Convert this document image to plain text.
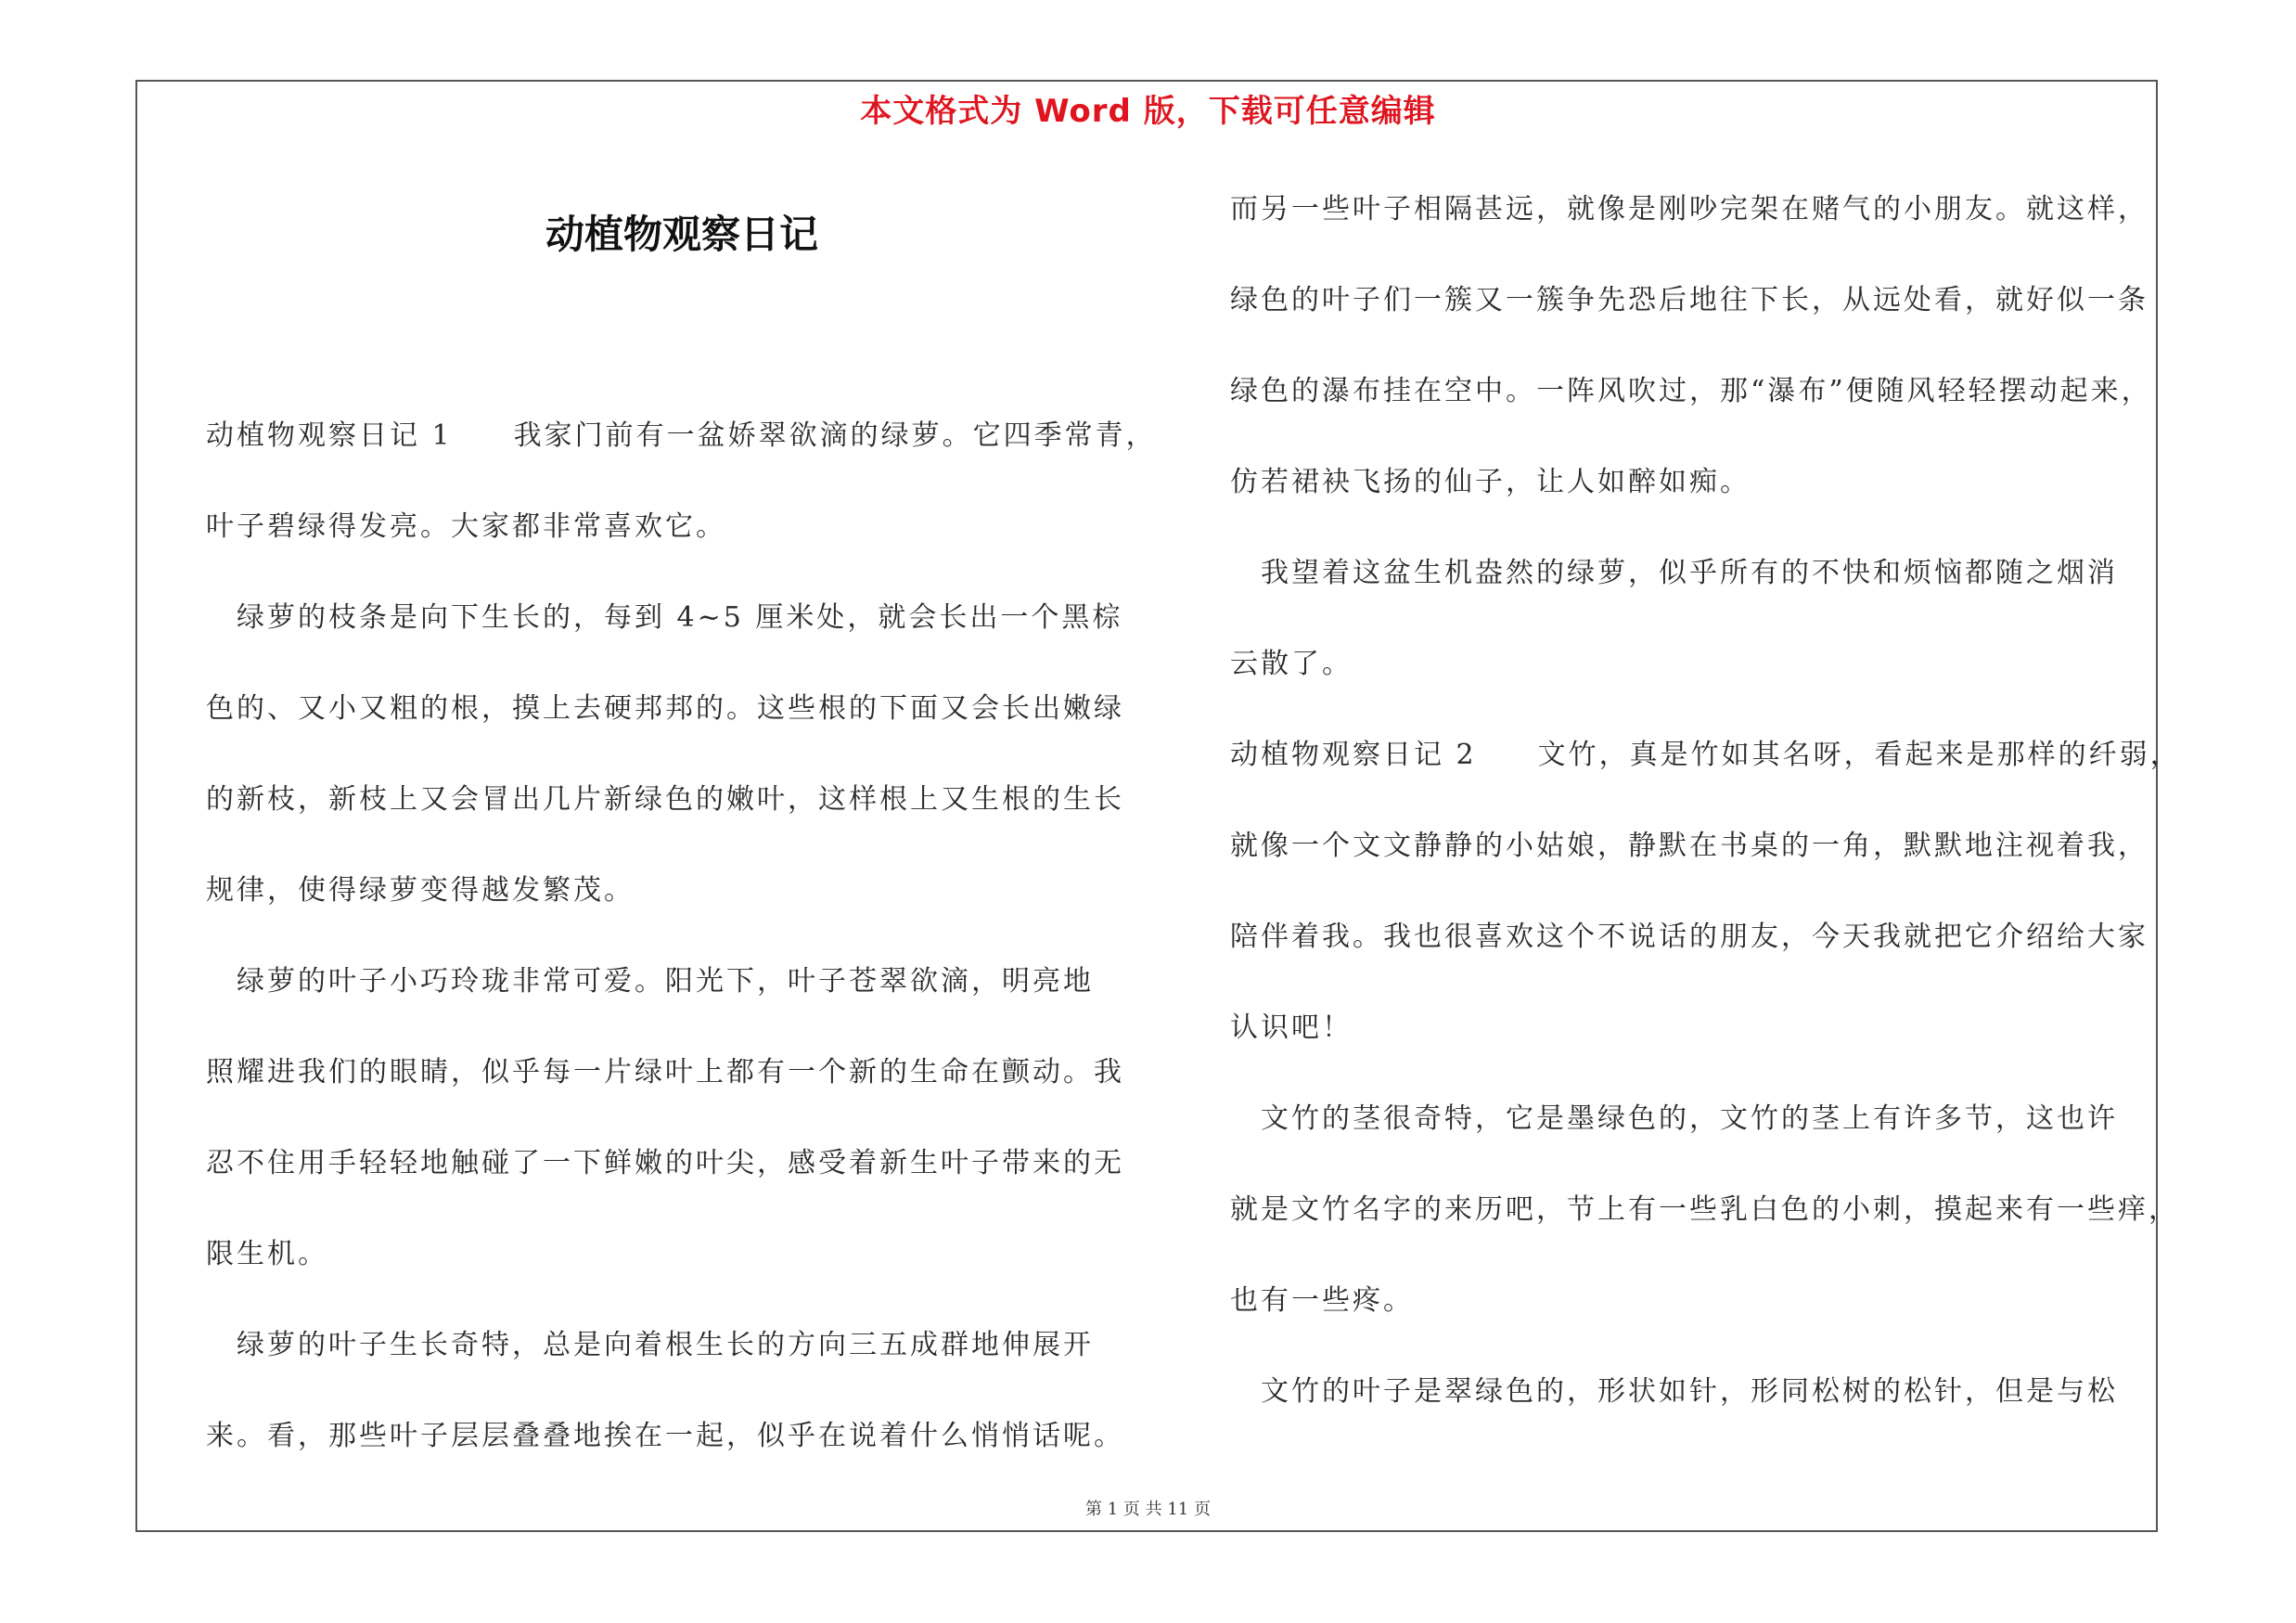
本文格式为 Word 版，下载可任意编辑
动植物观察日记
动植物观察日记 1　　我家门前有一盆娇翠欲滴的绿萝。它四季常青，
叶子碧绿得发亮。大家都非常喜欢它。
　绿萝的枝条是向下生长的，每到 4~5 厘米处，就会长出一个黑棕
色的、又小又粗的根，摸上去硬邦邦的。这些根的下面又会长出嫩绿
的新枝，新枝上又会冒出几片新绿色的嫩叶，这样根上又生根的生长
规律，使得绿萝变得越发繁茂。
　绿萝的叶子小巧玲珑非常可爱。阳光下，叶子苍翠欲滴，明亮地
照耀进我们的眼睛，似乎每一片绿叶上都有一个新的生命在颤动。我
忍不住用手轻轻地触碰了一下鲜嫩的叶尖，感受着新生叶子带来的无
限生机。
　绿萝的叶子生长奇特，总是向着根生长的方向三五成群地伸展开
来。看，那些叶子层层叠叠地挨在一起，似乎在说着什么悄悄话呢。
而另一些叶子相隔甚远，就像是刚吵完架在赌气的小朋友。就这样，
绿色的叶子们一簇又一簇争先恐后地往下长，从远处看，就好似一条
绿色的瀑布挂在空中。一阵风吹过，那“瀑布”便随风轻轻摆动起来，
仿若裙袂飞扬的仙子，让人如醉如痴。
　我望着这盆生机盎然的绿萝，似乎所有的不快和烦恼都随之烟消
云散了。
动植物观察日记 2　　文竹，真是竹如其名呀，看起来是那样的纤弱，
就像一个文文静静的小姑娘，静默在书桌的一角，默默地注视着我，
陪伴着我。我也很喜欢这个不说话的朋友，今天我就把它介绍给大家
认识吧！
　文竹的茎很奇特，它是墨绿色的，文竹的茎上有许多节，这也许
就是文竹名字的来历吧，节上有一些乳白色的小刺，摸起来有一些痒，
也有一些疼。
　文竹的叶子是翠绿色的，形状如针，形同松树的松针，但是与松
第 1 页 共 11 页
